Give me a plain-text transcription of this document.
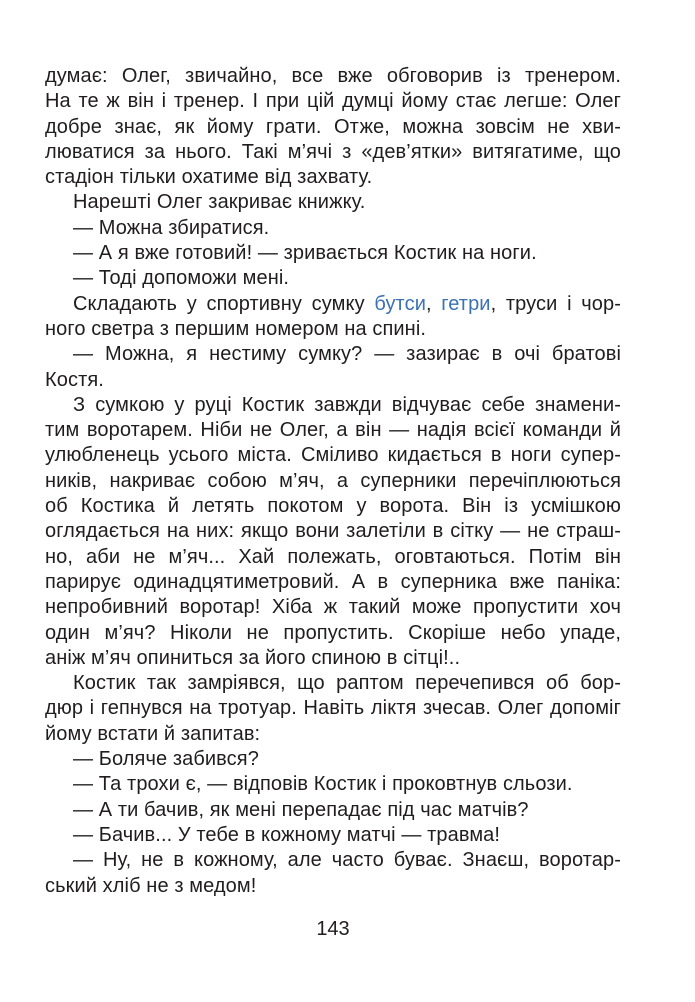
думає: Олег, звичайно, все вже обговорив із тренером.
На те ж він і тренер. І при цій думці йому стає легше: Олег
добре знає, як йому грати. Отже, можна зовсім не хви-
люватися за нього. Такі м’ячі з «дев’ятки» витягатиме, що
стадіон тільки охатиме від захвату.
Нарешті Олег закриває книжку.
— Можна збиратися.
— А я вже готовий! — зривається Костик на ноги.
— Тоді допоможи мені.
Складають у спортивну сумку бутси, гетри, труси і чор-
ного светра з першим номером на спині.
— Можна, я нестиму сумку? — зазирає в очі братові
Костя.
З сумкою у руці Костик завжди відчуває себе знамени-
тим воротарем. Ніби не Олег, а він — надія всієї команди й
улюбленець усього міста. Сміливо кидається в ноги супер-
ників, накриває собою м’яч, а суперники перечіплюються
об Костика й летять покотом у ворота. Він із усмішкою
оглядається на них: якщо вони залетіли в сітку — не страш-
но, аби не м’яч... Хай полежать, оговтаються. Потім він
парирує одинадцятиметровий. А в суперника вже паніка:
непробивний воротар! Хіба ж такий може пропустити хоч
один м’яч? Ніколи не пропустить. Скоріше небо упаде,
аніж м’яч опиниться за його спиною в сітці!..
Костик так замріявся, що раптом перечепився об бор-
дюр і гепнувся на тротуар. Навіть ліктя зчесав. Олег допоміг
йому встати й запитав:
— Боляче забився?
— Та трохи є, — відповів Костик і проковтнув сльози.
— А ти бачив, як мені перепадає під час матчів?
— Бачив... У тебе в кожному матчі — травма!
— Ну, не в кожному, але часто буває. Знаєш, воротар-
ський хліб не з медом!
143
